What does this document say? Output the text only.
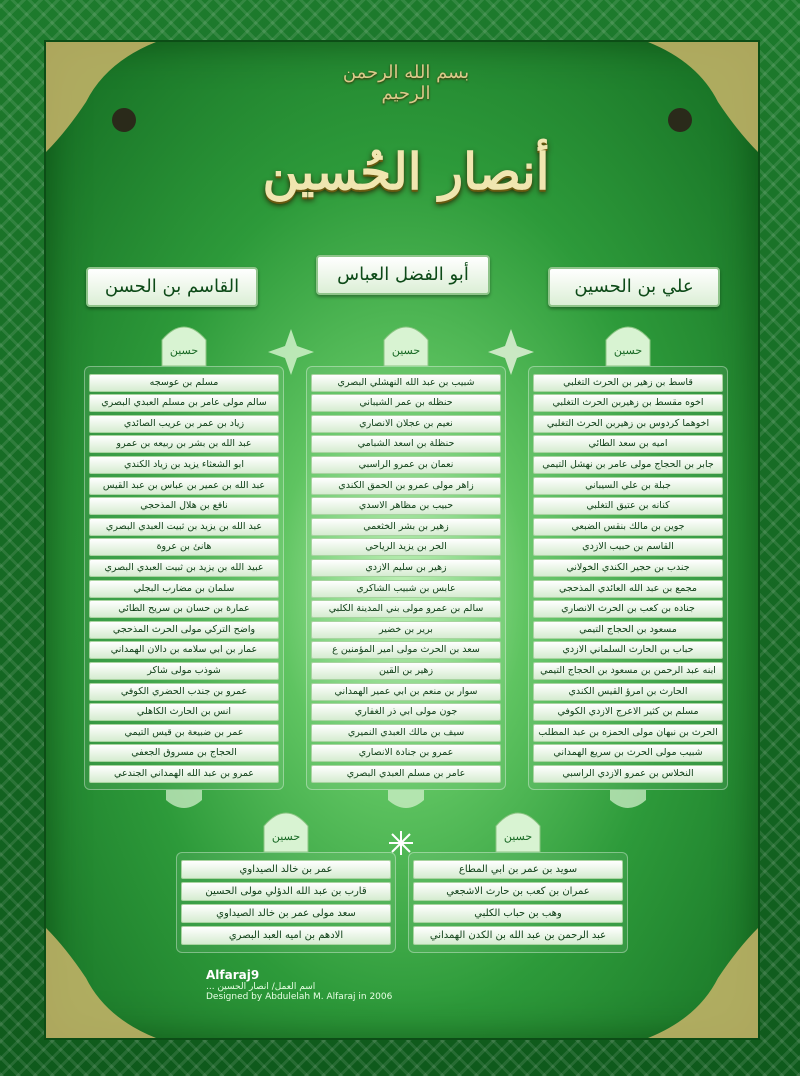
بسم الله الرحمن الرحيم
أنصار الحُسين
علي بن الحسين
أبو الفضل العباس
القاسم بن الحسن
حسين
قاسط بن زهير بن الحرث التغلبي
اخوه مقسط بن زهيربن الحرث التغلبي
اخوهما كردوس بن زهيربن الحرث التغلبي
اميه بن سعد الطائي
جابر بن الحجاج مولى عامر بن نهشل التيمي
جبلة بن علي السيباني
كنانه بن عتيق التغلبي
جوين بن مالك بنقس الضبعي
القاسم بن حبيب الازدي
جندب بن حجير الكندي الخولاني
مجمع بن عبد الله العائدي المذحجي
جناده بن كعب بن الحرث الانصاري
مسعود بن الحجاج التيمي
حباب بن الحارث السلماني الازدي
ابنه عبد الرحمن بن مسعود بن الحجاج التيمي
الحارث بن امرؤ القيس الكندي
مسلم بن كثير الاعرج الازدي الكوفي
الحرث بن نبهان مولى الحمزه بن عبد المطلب
شبيب مولى الحرث بن سريع الهمداني
النخلاس بن عمرو الازدي الراسبي
حسين
شبيب بن عبد الله النهشلي البصري
حنظله بن عمر الشيباني
نعيم بن عجلان الانصاري
حنظلة بن اسعد الشبامي
نعمان بن عمرو الراسبي
زاهر مولى عمرو بن الحمق الكندي
حبيب بن مظاهر الاسدي
زهير بن بشر الخثعمي
الحر بن يزيد الرياحي
زهير بن سليم الازدي
عابس بن شبيب الشاكري
سالم بن عمرو مولى بني المدينة الكلبي
برير بن خضير
سعد بن الحرث مولى امير المؤمنين ع
زهير بن القين
سوار بن منعم بن ابي عمير الهمداني
جون مولى ابي ذر الغفاري
سيف بن مالك العبدي النميري
عمرو بن جنادة الانصاري
عامر بن مسلم العبدي البصري
حسين
مسلم بن عوسجه
سالم مولى عامر بن مسلم العبدي البصري
زياد بن عمر بن عريب الصائدي
عبد الله بن بشر بن ربيعه بن عمرو
ابو الشعثاء يزيد بن زياد الكندي
عبد الله بن عمير بن عباس بن عبد القيس
نافع بن هلال المذحجي
عبد الله بن يزيد بن ثبيت العبدي البصري
هانئ بن عروة
عبيد الله بن يزيد بن ثبيت العبدي البصري
سلمان بن مضارب البجلي
عمارة بن حسان بن سريح الطائي
واضح التركي مولى الحرث المذحجي
عمار بن ابي سلامه بن دالان الهمداني
شوذب مولى شاكر
عمرو بن جندب الحضري الكوفي
انس بن الحارث الكاهلي
عمر بن ضبيعة بن قيس التيمي
الحجاج بن مسروق الجعفي
عمرو بن عبد الله الهمداني الجندعي
حسين
سويد بن عمر بن ابي المطاع
عمران بن كعب بن حارث الاشجعي
وهب بن حباب الكلبي
عبد الرحمن بن عبد الله بن الكدن الهمداني
حسين
عمر بن خالد الصيداوي
قارب بن عبد الله الدؤلي مولى الحسين
سعد مولى عمر بن خالد الصيداوي
الادهم بن اميه العبد البصري
Alfaraj9
اسم العمل/ انصار الحسين ...
Designed by Abdulelah M. Alfaraj in 2006
